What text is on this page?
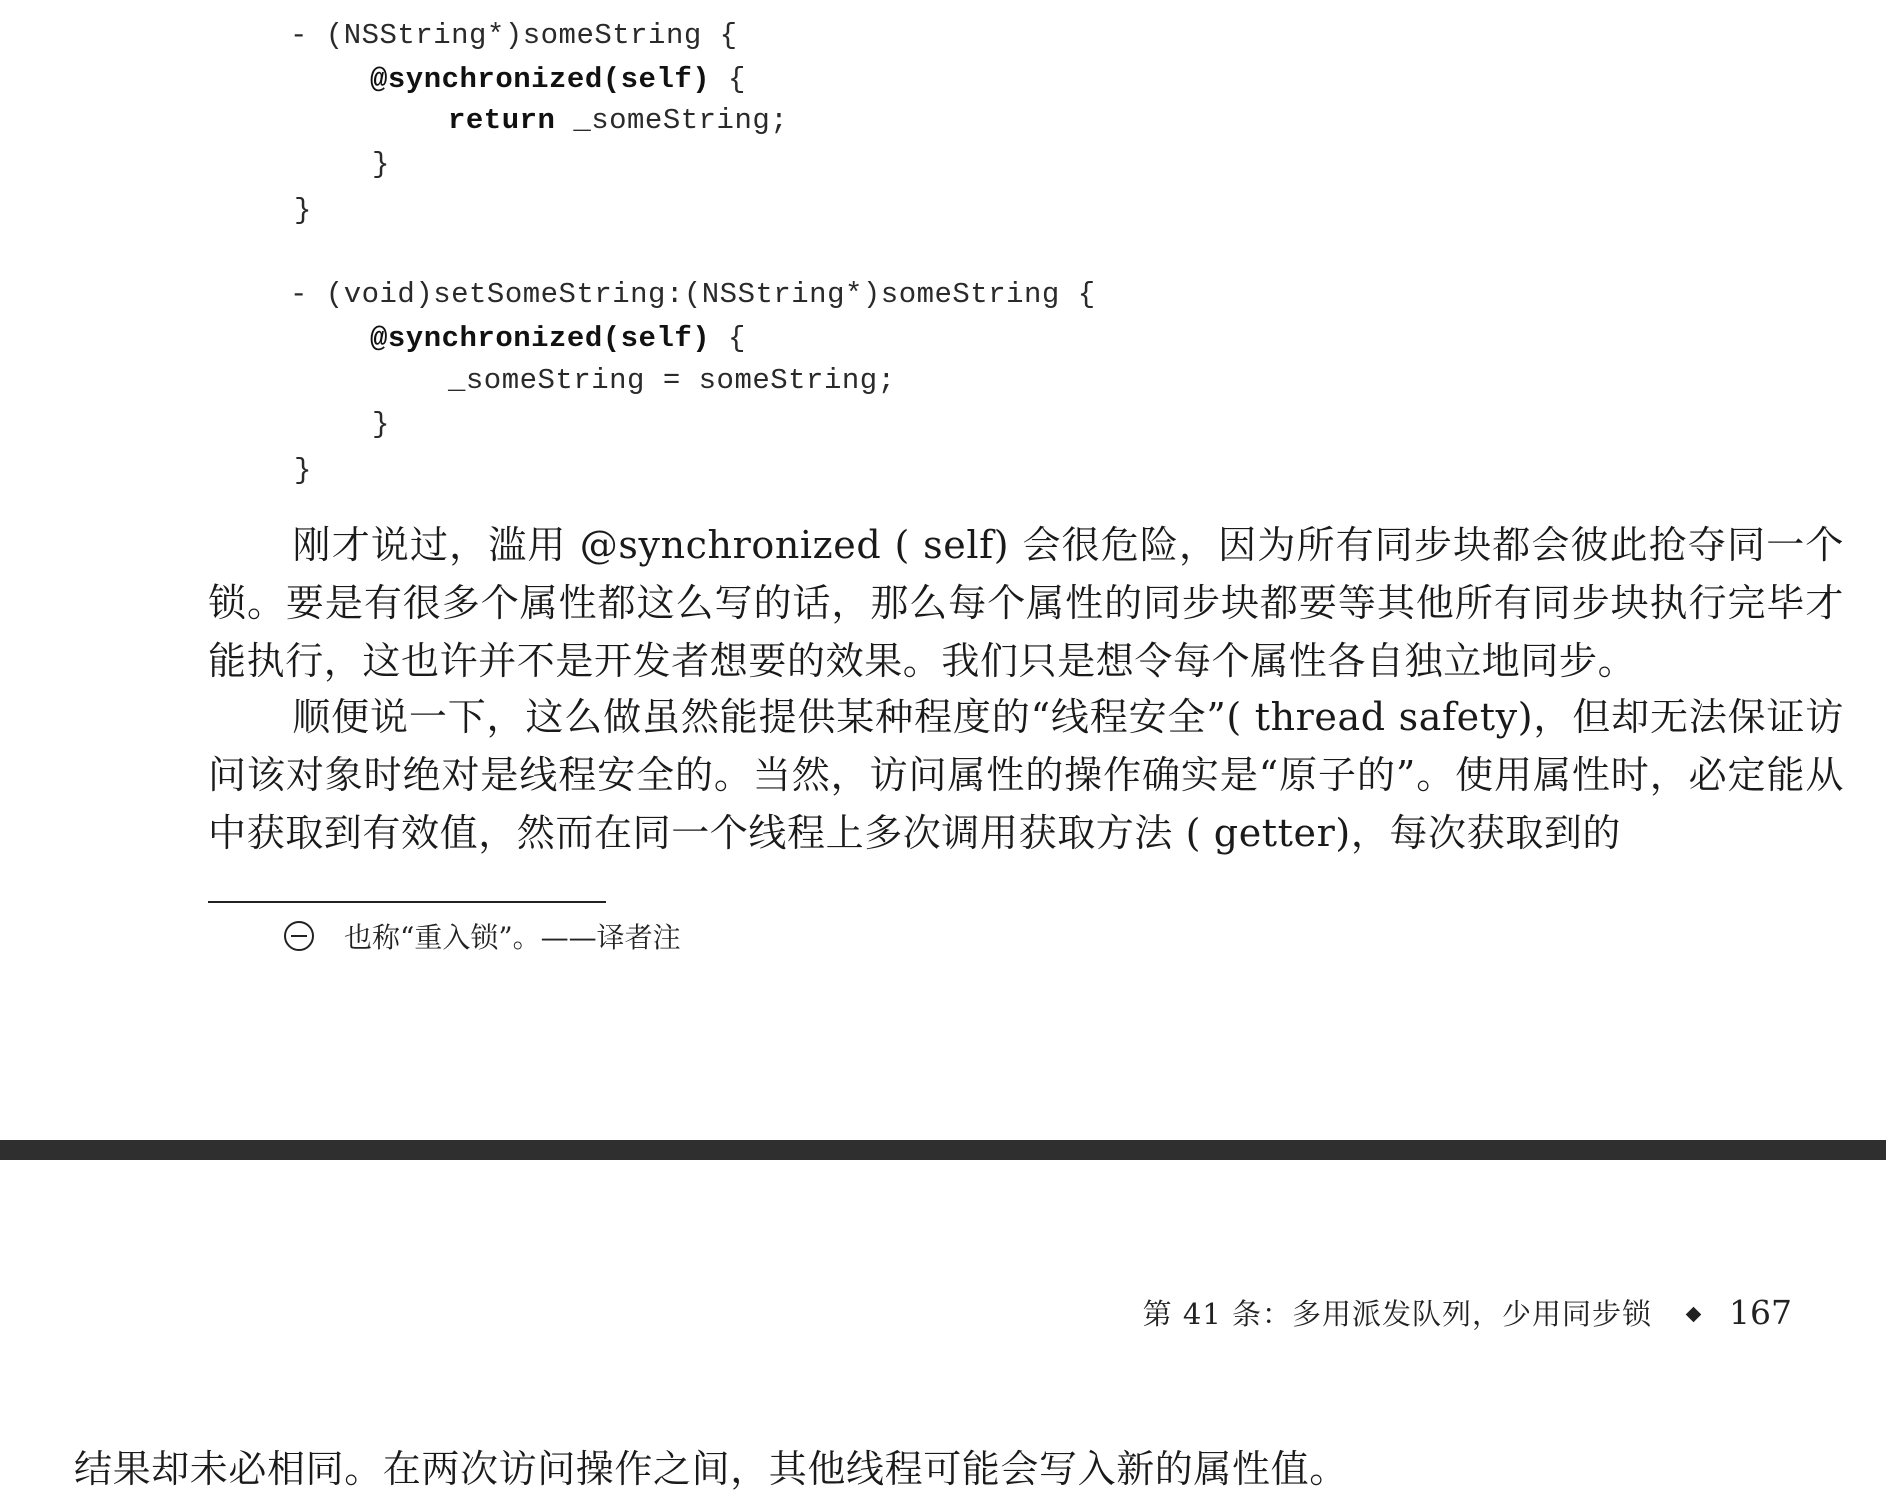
- (NSString*)someString {
@synchronized(self) {
return _someString;
}
}
- (void)setSomeString:(NSString*)someString {
@synchronized(self) {
_someString = someString;
}
}
刚才说过，滥用 @synchronized ( self) 会很危险，因为所有同步块都会彼此抢夺同一个锁。要是有很多个属性都这么写的话，那么每个属性的同步块都要等其他所有同步块执行完毕才能执行，这也许并不是开发者想要的效果。我们只是想令每个属性各自独立地同步。
顺便说一下，这么做虽然能提供某种程度的“线程安全”( thread safety)，但却无法保证访问该对象时绝对是线程安全的。当然，访问属性的操作确实是“原子的”。使用属性时，必定能从中获取到有效值，然而在同一个线程上多次调用获取方法 ( getter)，每次获取到的
也称“重入锁”。——译者注
第 41 条：多用派发队列，少用同步锁 167
结果却未必相同。在两次访问操作之间，其他线程可能会写入新的属性值。
